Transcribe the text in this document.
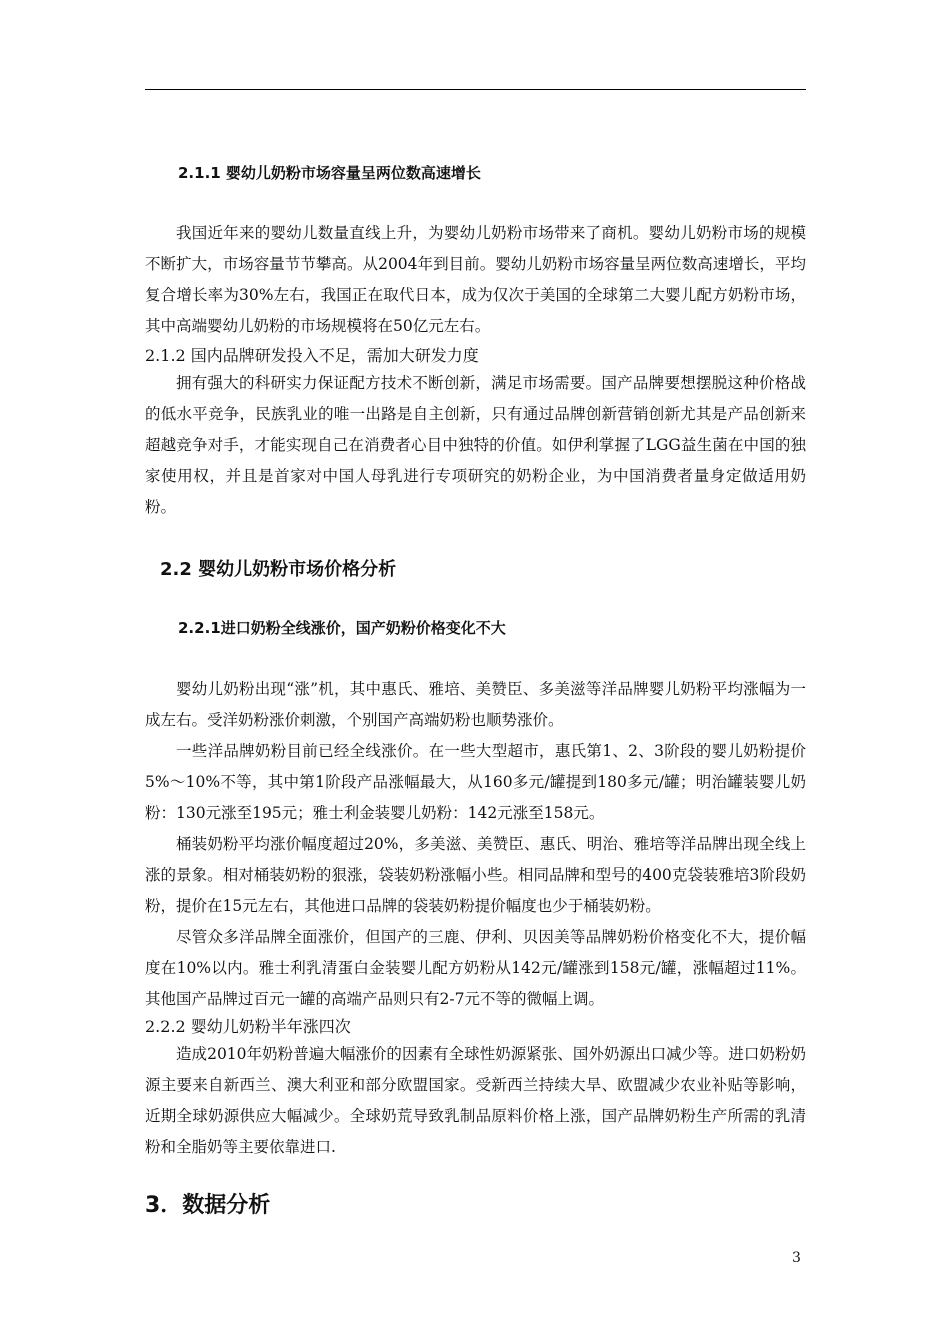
2.1.1 婴幼儿奶粉市场容量呈两位数高速增长

我国近年来的婴幼儿数量直线上升，为婴幼儿奶粉市场带来了商机。婴幼儿奶粉市场的规模不断扩大，市场容量节节攀高。从2004年到目前。婴幼儿奶粉市场容量呈两位数高速增长，平均复合增长率为30%左右，我国正在取代日本，成为仅次于美国的全球第二大婴儿配方奶粉市场，其中高端婴幼儿奶粉的市场规模将在50亿元左右。

2.1.2 国内品牌研发投入不足，需加大研发力度

拥有强大的科研实力保证配方技术不断创新，满足市场需要。国产品牌要想摆脱这种价格战的低水平竞争，民族乳业的唯一出路是自主创新，只有通过品牌创新营销创新尤其是产品创新来超越竞争对手，才能实现自己在消费者心目中独特的价值。如伊利掌握了LGG益生菌在中国的独家使用权，并且是首家对中国人母乳进行专项研究的奶粉企业，为中国消费者量身定做适用奶粉。

2.2 婴幼儿奶粉市场价格分析
2.2.1进口奶粉全线涨价，国产奶粉价格变化不大

婴幼儿奶粉出现“涨”机，其中惠氏、雅培、美赞臣、多美滋等洋品牌婴儿奶粉平均涨幅为一成左右。受洋奶粉涨价刺激，个别国产高端奶粉也顺势涨价。

一些洋品牌奶粉目前已经全线涨价。在一些大型超市，惠氏第1、2、3阶段的婴儿奶粉提价5%～10%不等，其中第1阶段产品涨幅最大，从160多元/罐提到180多元/罐；明治罐装婴儿奶粉：130元涨至195元；雅士利金装婴儿奶粉：142元涨至158元。

桶装奶粉平均涨价幅度超过20%，多美滋、美赞臣、惠氏、明治、雅培等洋品牌出现全线上涨的景象。相对桶装奶粉的狠涨，袋装奶粉涨幅小些。相同品牌和型号的400克袋装雅培3阶段奶粉，提价在15元左右，其他进口品牌的袋装奶粉提价幅度也少于桶装奶粉。

尽管众多洋品牌全面涨价，但国产的三鹿、伊利、贝因美等品牌奶粉价格变化不大，提价幅度在10%以内。雅士利乳清蛋白金装婴儿配方奶粉从142元/罐涨到158元/罐，涨幅超过11%。其他国产品牌过百元一罐的高端产品则只有2-7元不等的微幅上调。

2.2.2 婴幼儿奶粉半年涨四次

造成2010年奶粉普遍大幅涨价的因素有全球性奶源紧张、国外奶源出口减少等。进口奶粉奶源主要来自新西兰、澳大利亚和部分欧盟国家。受新西兰持续大旱、欧盟减少农业补贴等影响，近期全球奶源供应大幅减少。全球奶荒导致乳制品原料价格上涨，国产品牌奶粉生产所需的乳清粉和全脂奶等主要依靠进口.

3．数据分析
3
